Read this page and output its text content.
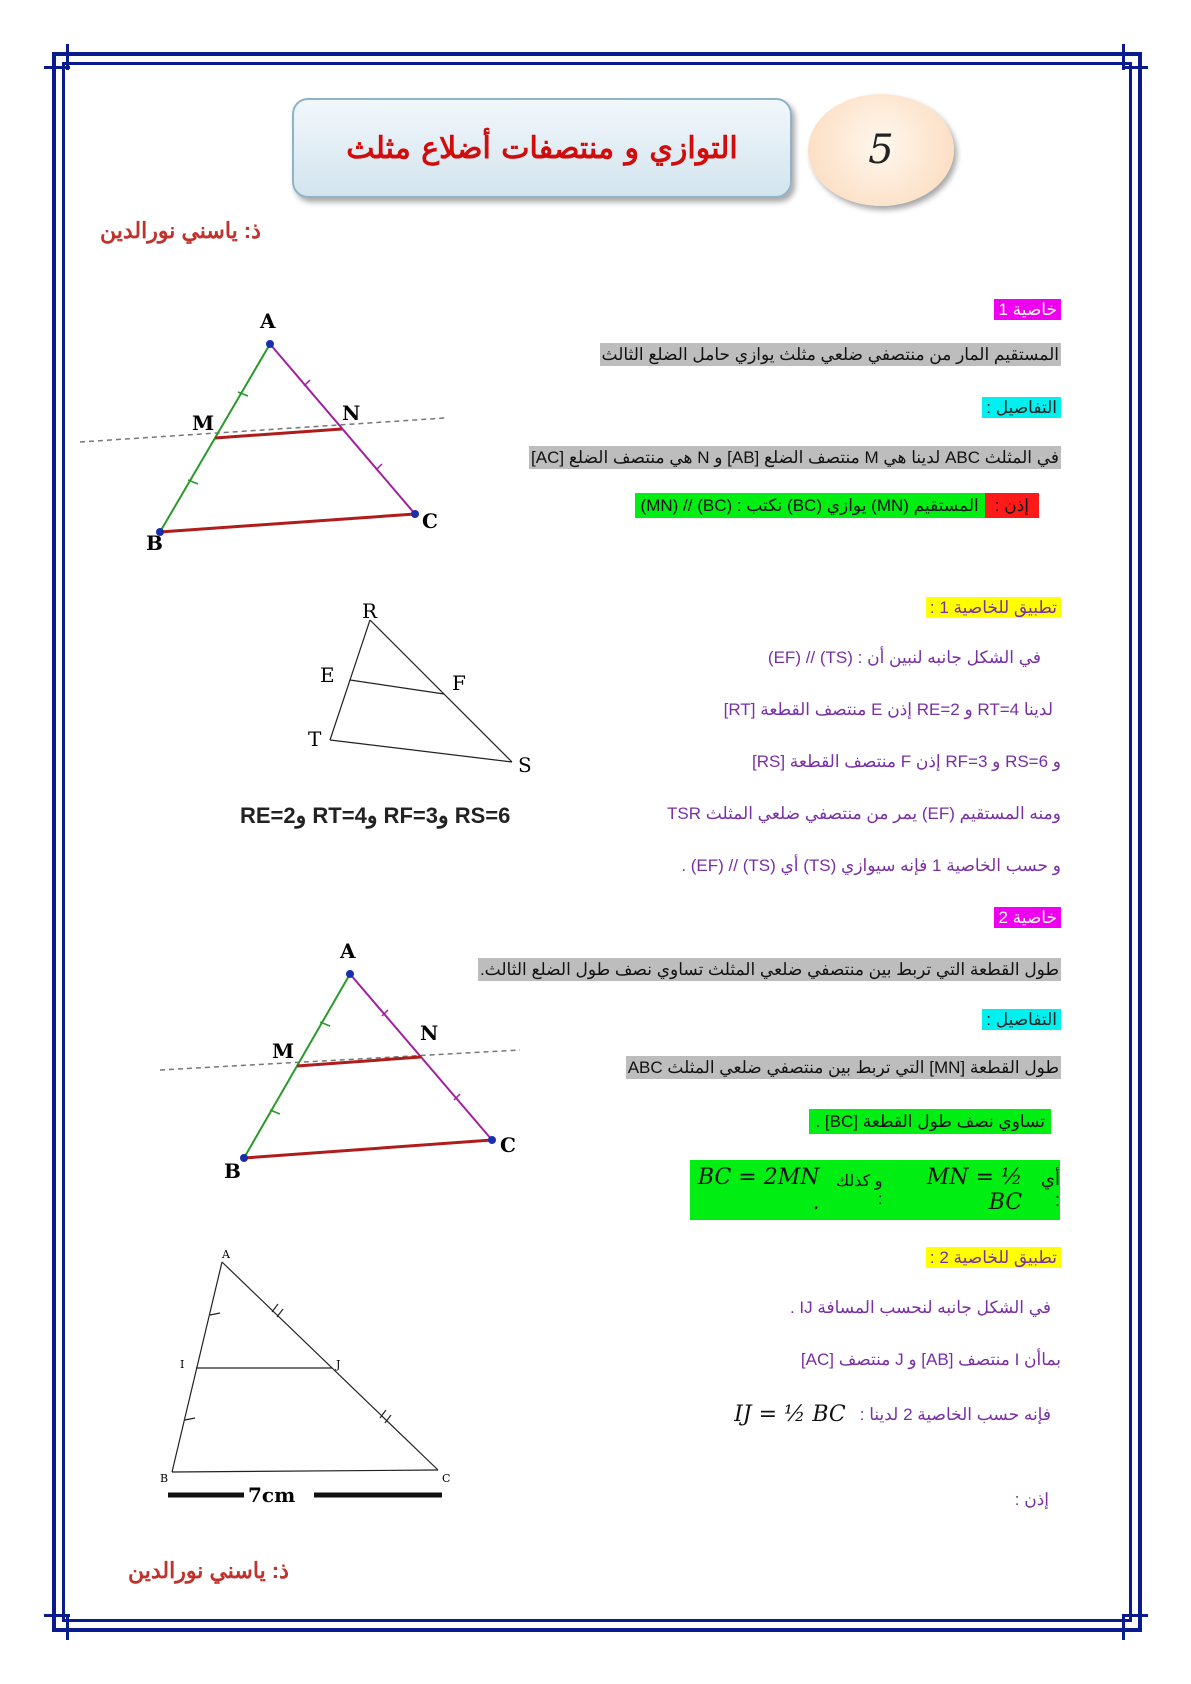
التوازي و منتصفات أضلاع مثلث	5
ذ: ياسني نورالدين
خاصية 1
المستقيم المار من منتصفي ضلعي مثلث يوازي حامل الضلع الثالث
التفاصيل :
في المثلث ABC لدينا هي M منتصف الضلع [AB] و N هي منتصف الضلع [AC]
إذن :المستقيم (MN) يوازي (BC) نكتب : (BC) // (MN)
A
B
C
M	N
تطبيق للخاصية 1 :
في الشكل جانبه لنبين أن : (TS) // (EF)
لدينا RT=4 و RE=2 إذن E منتصف القطعة [RT]
و RS=6 و RF=3 إذن F منتصف القطعة [RS]
ومنه المستقيم (EF) يمر من منتصفي ضلعي المثلث TSR
و حسب الخاصية 1 فإنه سيوازي (TS) أي (TS) // (EF) .
R
E	F
T
S
RE=2و RT=4و RF=3و RS=6
خاصية 2
طول القطعة التي تربط بين منتصفي ضلعي المثلث تساوي نصف طول الضلع الثالث.
التفاصيل :
طول القطعة [MN] التي تربط بين منتصفي ضلعي المثلث ABC
تساوي نصف طول القطعة [BC] .
أي :
MN = ½ BC
و كذلك :
BC = 2MN .
A
B
C
M
N
تطبيق للخاصية 2 :
في الشكل جانبه لنحسب المسافة IJ .
بماأن I منتصف [AB] و J منتصف [AC]
فإنه حسب الخاصية 2 لدينا :
IJ = ½ BC
إذن :
A
B	C
I	J
7cm
ذ: ياسني نورالدين
